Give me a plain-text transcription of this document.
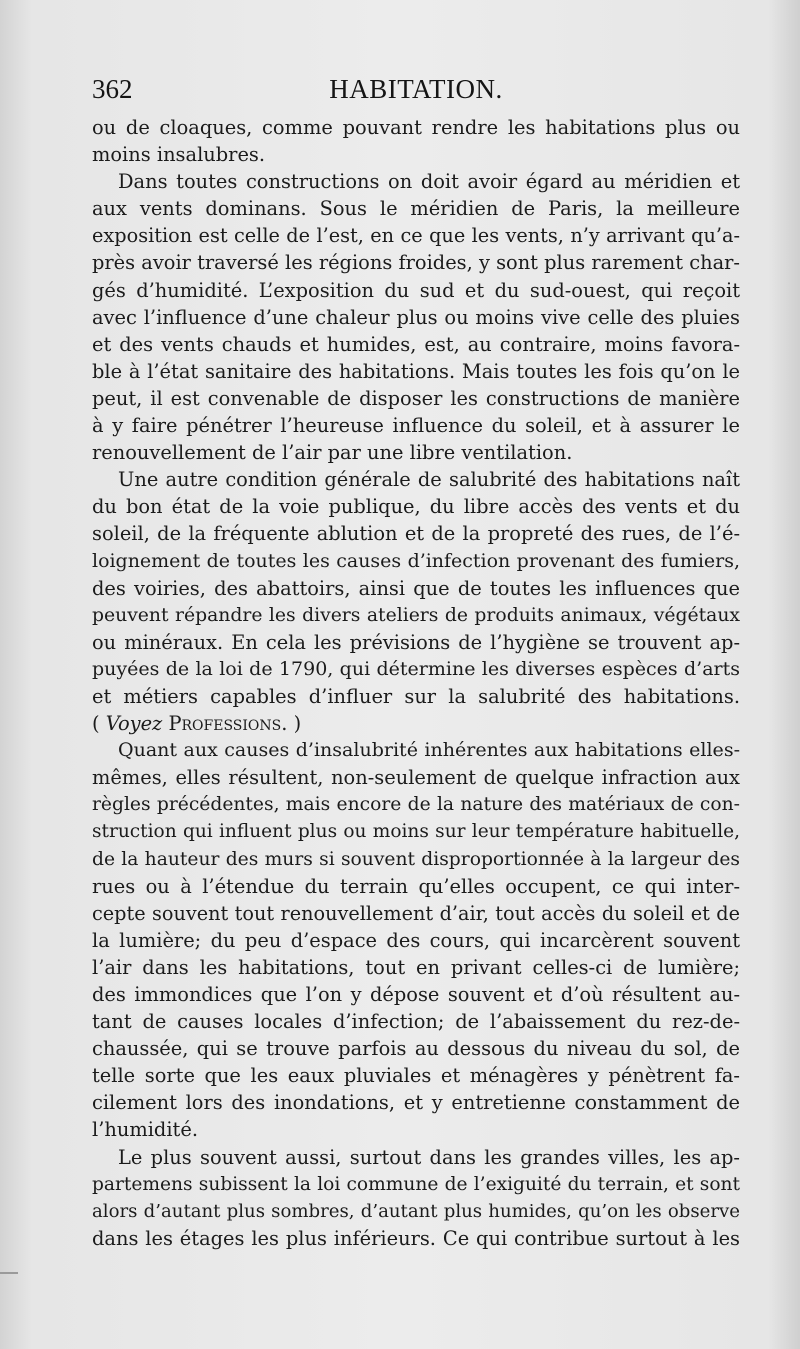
362	HABITATION.
ou de cloaques, comme pouvant rendre les habitations plus ou
moins insalubres.
Dans toutes constructions on doit avoir égard au méridien et
aux vents dominans. Sous le méridien de Paris, la meilleure
exposition est celle de l’est, en ce que les vents, n’y arrivant qu’a-
près avoir traversé les régions froides, y sont plus rarement char-
gés d’humidité. L’exposition du sud et du sud-ouest, qui reçoit
avec l’influence d’une chaleur plus ou moins vive celle des pluies
et des vents chauds et humides, est, au contraire, moins favora-
ble à l’état sanitaire des habitations. Mais toutes les fois qu’on le
peut, il est convenable de disposer les constructions de manière
à y faire pénétrer l’heureuse influence du soleil, et à assurer le
renouvellement de l’air par une libre ventilation.
Une autre condition générale de salubrité des habitations naît
du bon état de la voie publique, du libre accès des vents et du
soleil, de la fréquente ablution et de la propreté des rues, de l’é-
loignement de toutes les causes d’infection provenant des fumiers,
des voiries, des abattoirs, ainsi que de toutes les influences que
peuvent répandre les divers ateliers de produits animaux, végétaux
ou minéraux. En cela les prévisions de l’hygiène se trouvent ap-
puyées de la loi de 1790, qui détermine les diverses espèces d’arts
et métiers capables d’influer sur la salubrité des habitations.
( Voyez Professions. )
Quant aux causes d’insalubrité inhérentes aux habitations elles-
mêmes, elles résultent, non-seulement de quelque infraction aux
règles précédentes, mais encore de la nature des matériaux de con-
struction qui influent plus ou moins sur leur température habituelle,
de la hauteur des murs si souvent disproportionnée à la largeur des
rues ou à l’étendue du terrain qu’elles occupent, ce qui inter-
cepte souvent tout renouvellement d’air, tout accès du soleil et de
la lumière; du peu d’espace des cours, qui incarcèrent souvent
l’air dans les habitations, tout en privant celles-ci de lumière;
des immondices que l’on y dépose souvent et d’où résultent au-
tant de causes locales d’infection; de l’abaissement du rez-de-
chaussée, qui se trouve parfois au dessous du niveau du sol, de
telle sorte que les eaux pluviales et ménagères y pénètrent fa-
cilement lors des inondations, et y entretienne constamment de
l’humidité.
Le plus souvent aussi, surtout dans les grandes villes, les ap-
partemens subissent la loi commune de l’exiguité du terrain, et sont
alors d’autant plus sombres, d’autant plus humides, qu’on les observe
dans les étages les plus inférieurs. Ce qui contribue surtout à les
